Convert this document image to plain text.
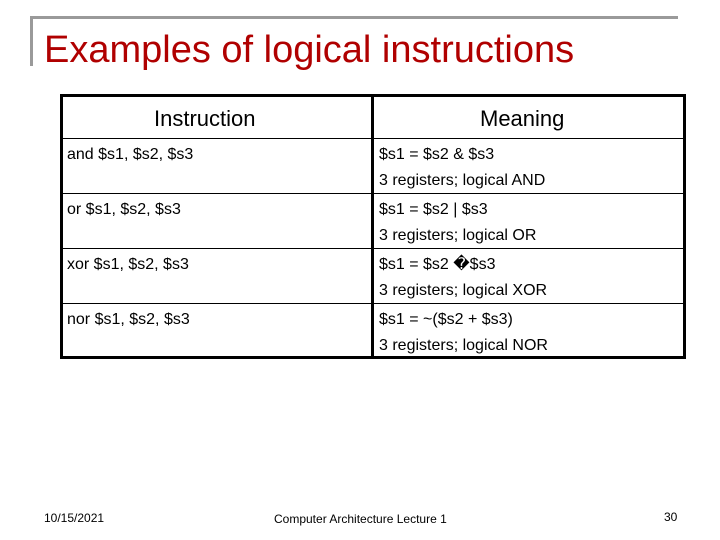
Examples of logical instructions
Instruction	Meaning
and $s1, $s2, $s3	$s1 = $s2 & $s3
3 registers; logical AND
or $s1, $s2, $s3	$s1 = $s2 | $s3
3 registers; logical OR
xor $s1, $s2, $s3	$s1 = $s2 �$s3
3 registers; logical XOR
nor $s1, $s2, $s3	$s1 = ~($s2 + $s3)
3 registers; logical NOR
10/15/2021	Computer Architecture Lecture 1	30
